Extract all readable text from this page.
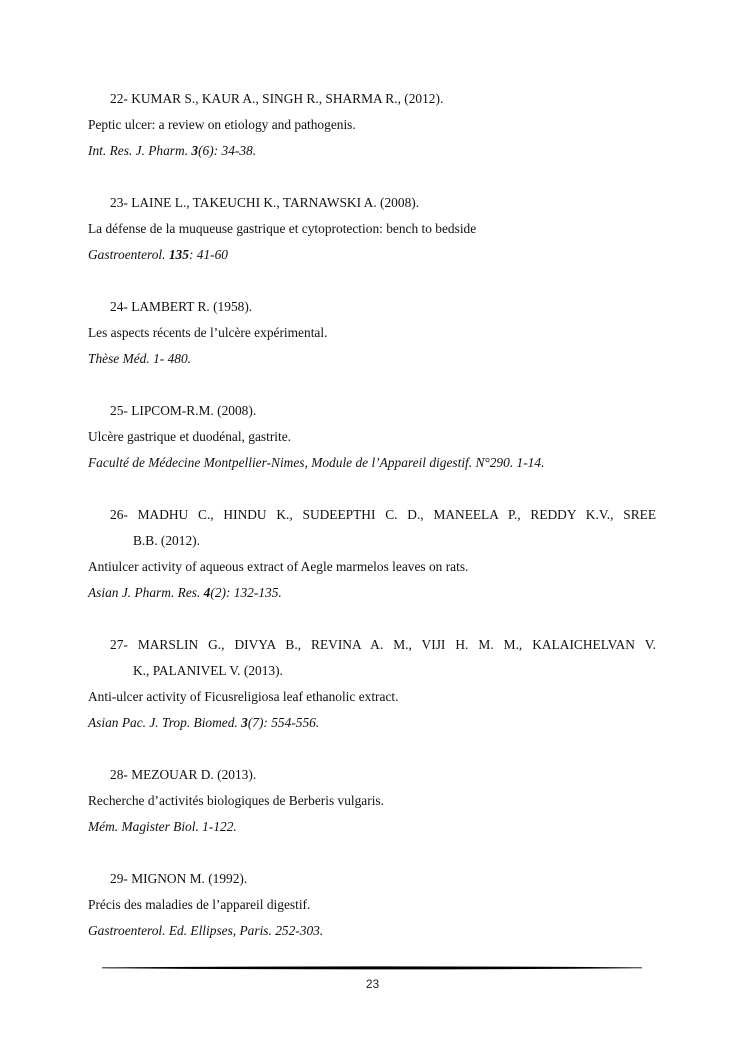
22- KUMAR S., KAUR A., SINGH R., SHARMA R., (2012).
Peptic ulcer: a review on etiology and pathogenis.
Int. Res. J. Pharm. 3(6): 34-38.
23- LAINE L., TAKEUCHI K., TARNAWSKI A. (2008).
La défense de la muqueuse gastrique et cytoprotection: bench to bedside
Gastroenterol. 135: 41-60
24- LAMBERT R. (1958).
Les aspects récents de l’ulcère expérimental.
Thèse Méd. 1- 480.
25- LIPCOM-R.M. (2008).
Ulcère gastrique et duodénal, gastrite.
Faculté de Médecine Montpellier-Nimes, Module de l’Appareil digestif. N°290. 1-14.
26- MADHU C., HINDU K., SUDEEPTHI C. D., MANEELA P., REDDY K.V., SREE
B.B. (2012).
Antiulcer activity of aqueous extract of Aegle marmelos leaves on rats.
Asian J. Pharm. Res. 4(2): 132-135.
27- MARSLIN G., DIVYA B., REVINA A. M., VIJI H. M. M., KALAICHELVAN V.
K., PALANIVEL V. (2013).
Anti-ulcer activity of Ficusreligiosa leaf ethanolic extract.
Asian Pac. J. Trop. Biomed. 3(7): 554-556.
28- MEZOUAR D. (2013).
Recherche d’activités biologiques de Berberis vulgaris.
Mém. Magister Biol. 1-122.
29- MIGNON M. (1992).
Précis des maladies de l’appareil digestif.
Gastroenterol. Ed. Ellipses, Paris. 252-303.
23
